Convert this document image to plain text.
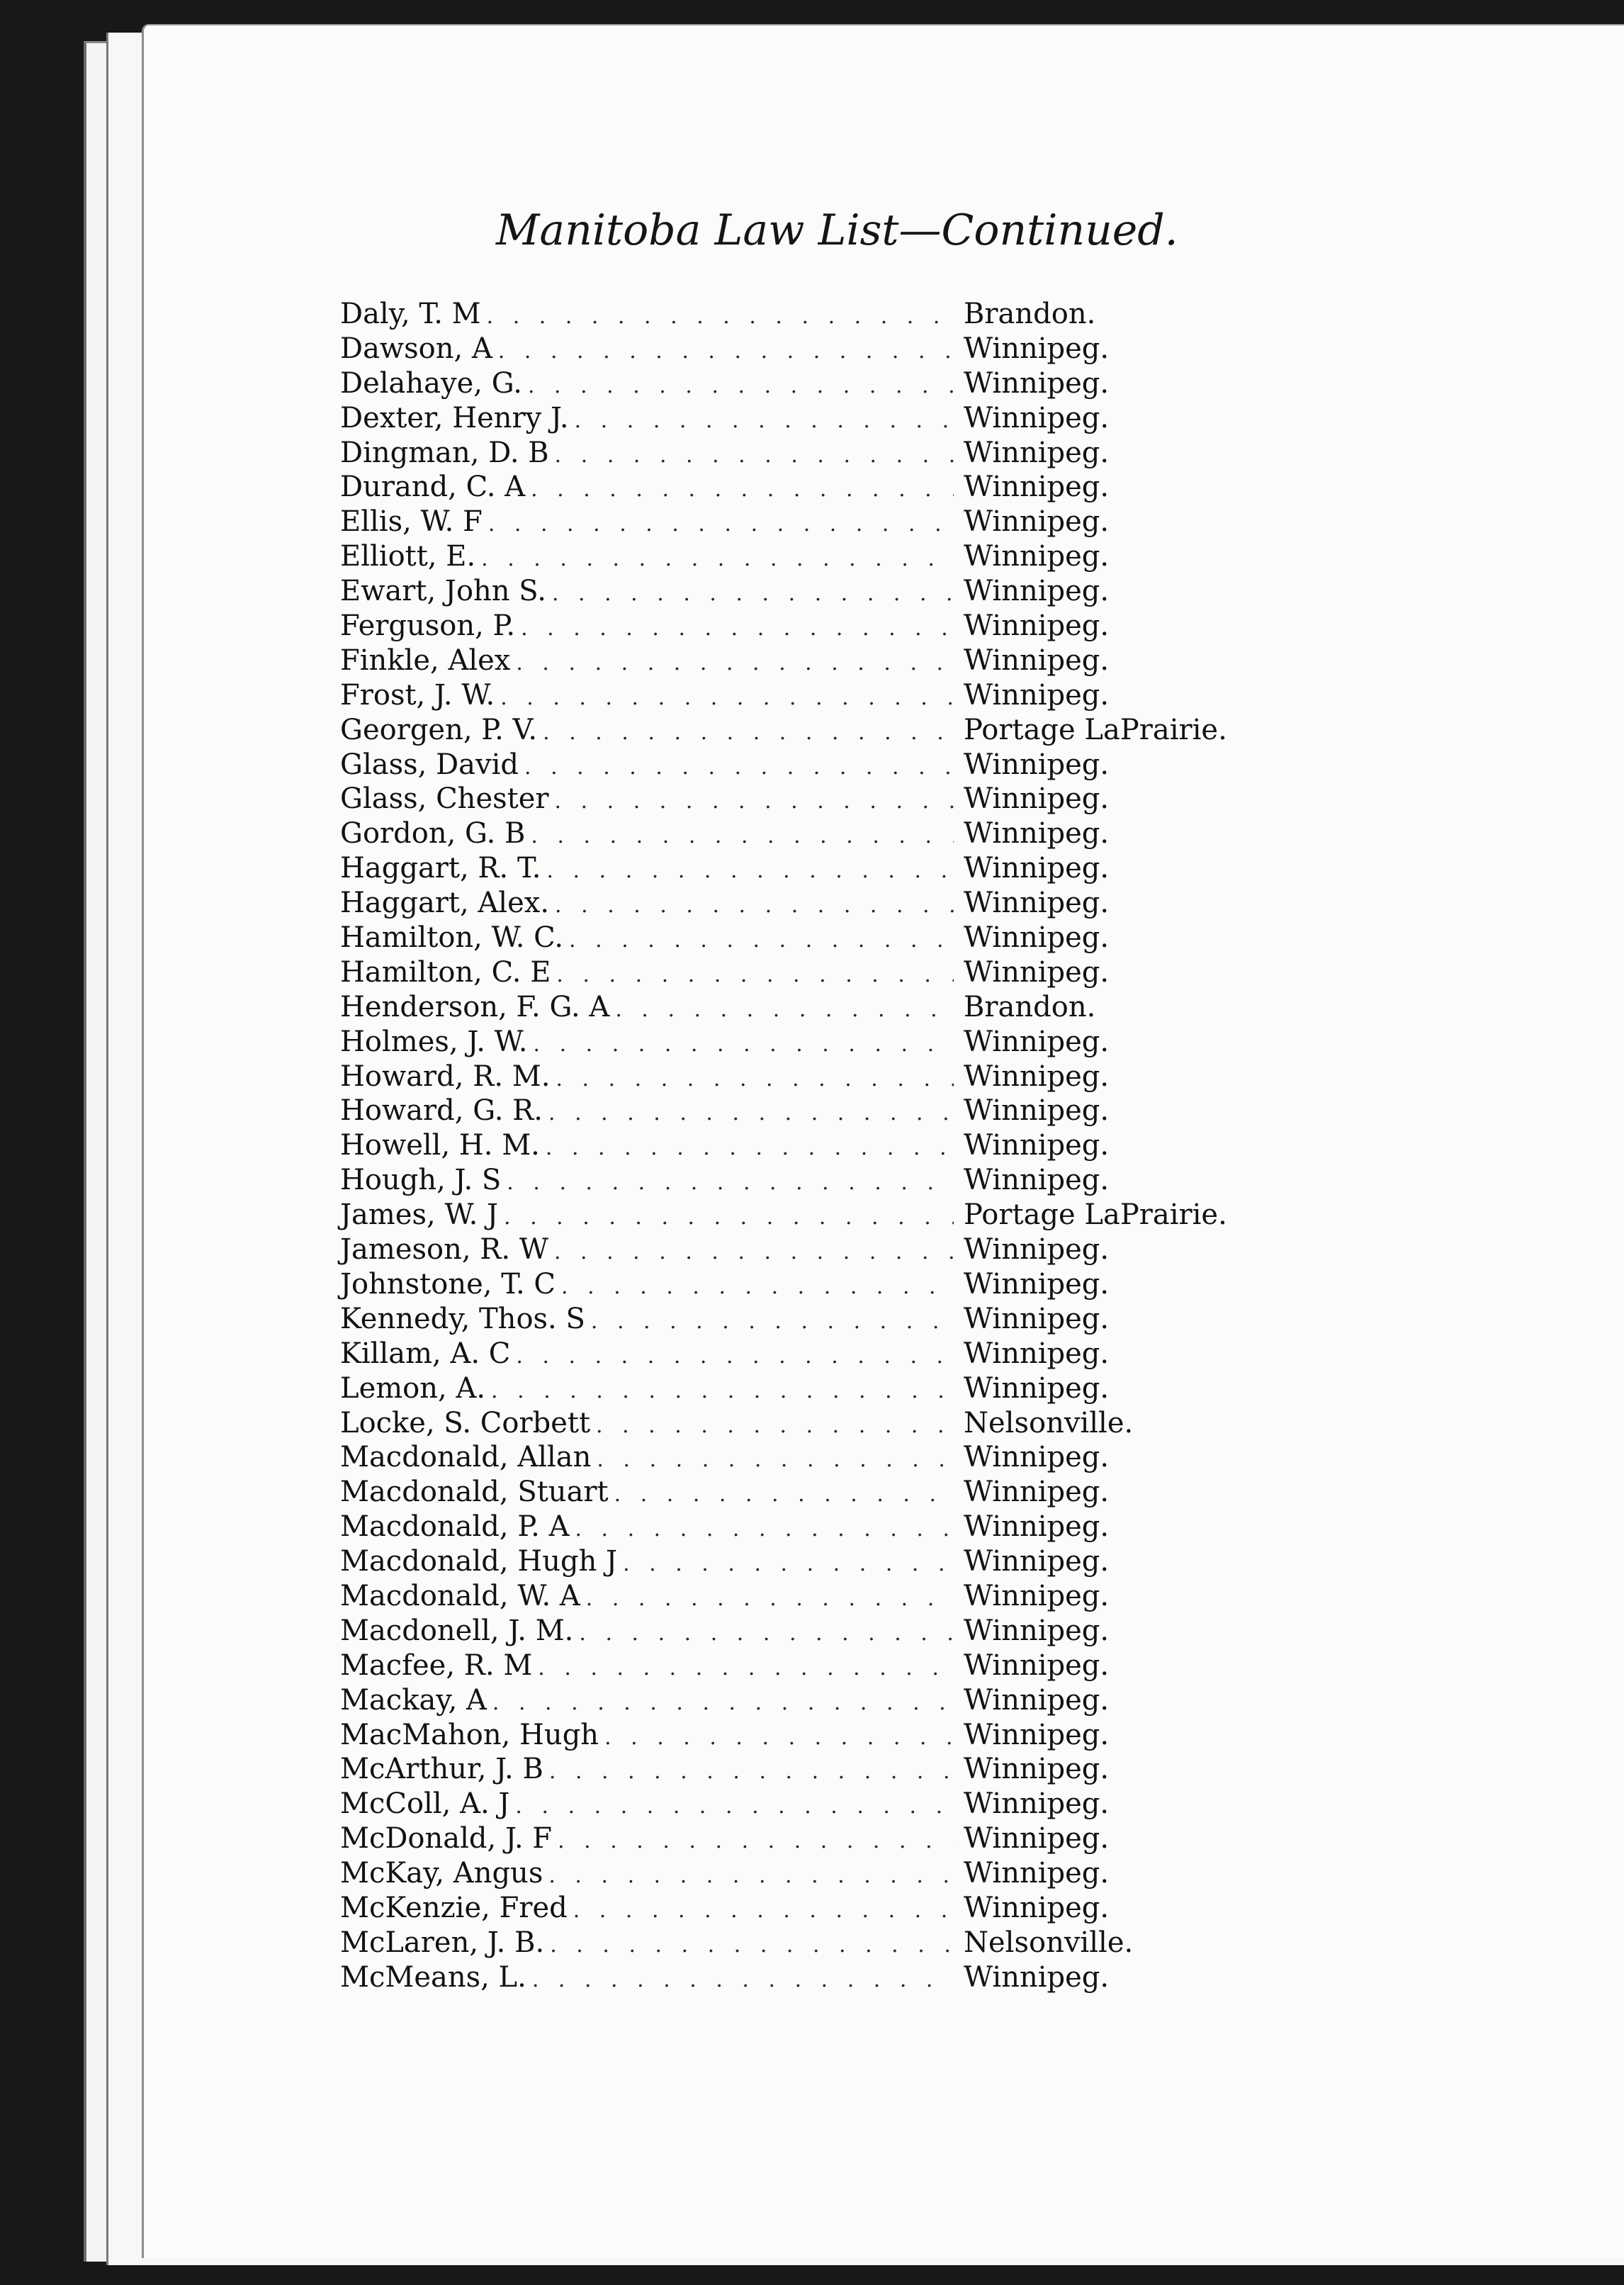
Manitoba Law List—Continued.
Daly, T. M . . .	Brandon.
Dawson, A . . .	Winnipeg.
Delahaye, G. . . .	Winnipeg.
Dexter, Henry J. . . .	Winnipeg.
Dingman, D. B . . .	Winnipeg.
Durand, C. A . . .	Winnipeg.
Ellis, W. F . . .	Winnipeg.
Elliott, E. . . .	Winnipeg.
Ewart, John S. . . .	Winnipeg.
Ferguson, P. . . .	Winnipeg.
Finkle, Alex . . .	Winnipeg.
Frost, J. W. . . .	Winnipeg.
Georgen, P. V. . . .	Portage LaPrairie.
Glass, David . . .	Winnipeg.
Glass, Chester . . .	Winnipeg.
Gordon, G. B . . .	Winnipeg.
Haggart, R. T. . . .	Winnipeg.
Haggart, Alex. . . .	Winnipeg.
Hamilton, W. C. . . .	Winnipeg.
Hamilton, C. E . . .	Winnipeg.
Henderson, F. G. A . . .	Brandon.
Holmes, J. W. . . .	Winnipeg.
Howard, R. M. . . .	Winnipeg.
Howard, G. R. . . .	Winnipeg.
Howell, H. M. . . .	Winnipeg.
Hough, J. S . . .	Winnipeg.
James, W. J . . .	Portage LaPrairie.
Jameson, R. W . . .	Winnipeg.
Johnstone, T. C . . .	Winnipeg.
Kennedy, Thos. S . . .	Winnipeg.
Killam, A. C . . .	Winnipeg.
Lemon, A. . . .	Winnipeg.
Locke, S. Corbett . . .	Nelsonville.
Macdonald, Allan . . .	Winnipeg.
Macdonald, Stuart . . .	Winnipeg.
Macdonald, P. A . . .	Winnipeg.
Macdonald, Hugh J . . .	Winnipeg.
Macdonald, W. A . . .	Winnipeg.
Macdonell, J. M. . . .	Winnipeg.
Macfee, R. M . . .	Winnipeg.
Mackay, A . . .	Winnipeg.
MacMahon, Hugh . . .	Winnipeg.
McArthur, J. B . . .	Winnipeg.
McColl, A. J . . .	Winnipeg.
McDonald, J. F . . .	Winnipeg.
McKay, Angus . . .	Winnipeg.
McKenzie, Fred . . .	Winnipeg.
McLaren, J. B. . . .	Nelsonville.
McMeans, L. . . .	Winnipeg.
